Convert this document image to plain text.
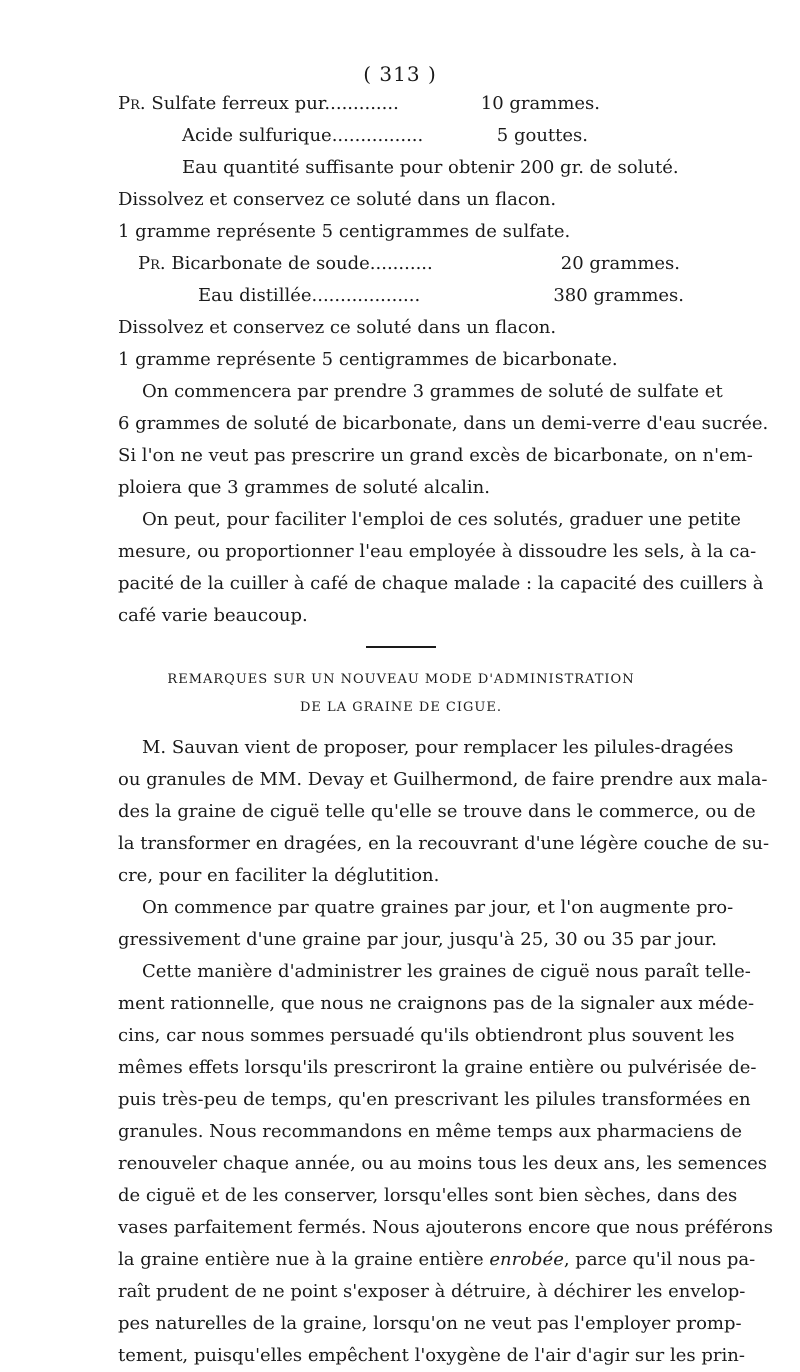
( 313 )
Pr. Sulfate ferreux pur.............	10 grammes.
Acide sulfurique................	5 gouttes.
Eau quantité suffisante pour obtenir 200 gr. de soluté.
Dissolvez et conservez ce soluté dans un flacon.
1 gramme représente 5 centigrammes de sulfate.
Pr. Bicarbonate de soude...........	20 grammes.
Eau distillée...................	380 grammes.
Dissolvez et conservez ce soluté dans un flacon.
1 gramme représente 5 centigrammes de bicarbonate.
On commencera par prendre 3 grammes de soluté de sulfate et
6 grammes de soluté de bicarbonate, dans un demi-verre d'eau sucrée.
Si l'on ne veut pas prescrire un grand excès de bicarbonate, on n'em-
ploiera que 3 grammes de soluté alcalin.
On peut, pour faciliter l'emploi de ces solutés, graduer une petite
mesure, ou proportionner l'eau employée à dissoudre les sels, à la ca-
pacité de la cuiller à café de chaque malade : la capacité des cuillers à
café varie beaucoup.
REMARQUES SUR UN NOUVEAU MODE D'ADMINISTRATION
DE LA GRAINE DE CIGUE.
M. Sauvan vient de proposer, pour remplacer les pilules-dragées
ou granules de MM. Devay et Guilhermond, de faire prendre aux mala-
des la graine de ciguë telle qu'elle se trouve dans le commerce, ou de
la transformer en dragées, en la recouvrant d'une légère couche de su-
cre, pour en faciliter la déglutition.
On commence par quatre graines par jour, et l'on augmente pro-
gressivement d'une graine par jour, jusqu'à 25, 30 ou 35 par jour.
Cette manière d'administrer les graines de ciguë nous paraît telle-
ment rationnelle, que nous ne craignons pas de la signaler aux méde-
cins, car nous sommes persuadé qu'ils obtiendront plus souvent les
mêmes effets lorsqu'ils prescriront la graine entière ou pulvérisée de-
puis très-peu de temps, qu'en prescrivant les pilules transformées en
granules. Nous recommandons en même temps aux pharmaciens de
renouveler chaque année, ou au moins tous les deux ans, les semences
de ciguë et de les conserver, lorsqu'elles sont bien sèches, dans des
vases parfaitement fermés. Nous ajouterons encore que nous préférons
la graine entière nue à la graine entière enrobée, parce qu'il nous pa-
raît prudent de ne point s'exposer à détruire, à déchirer les envelop-
pes naturelles de la graine, lorsqu'on ne veut pas l'employer promp-
tement, puisqu'elles empêchent l'oxygène de l'air d'agir sur les prin-
